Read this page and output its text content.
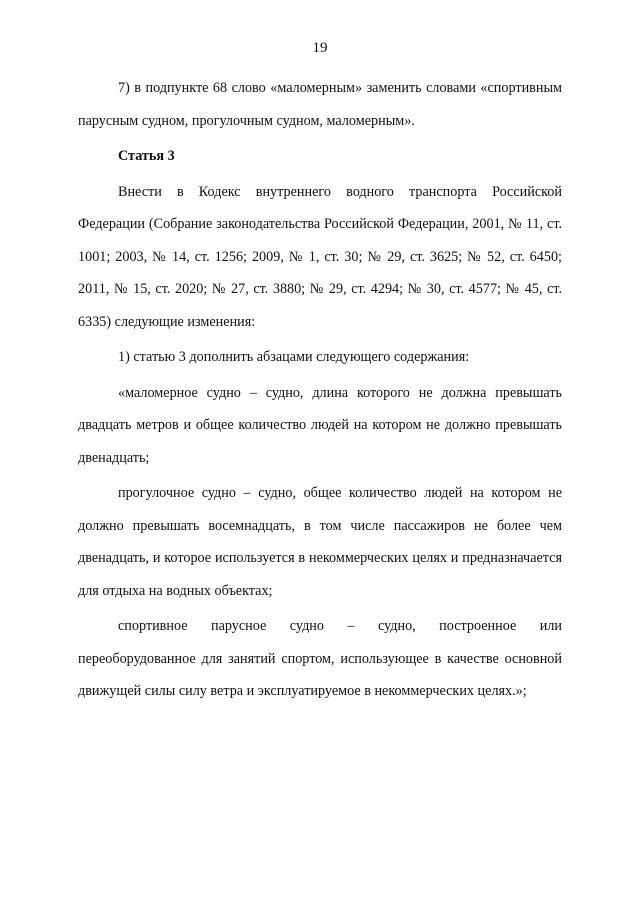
19

7) в подпункте 68 слово «маломерным» заменить словами «спортивным парусным судном, прогулочным судном, маломерным».

Статья 3

Внести в Кодекс внутреннего водного транспорта Российской Федерации (Собрание законодательства Российской Федерации, 2001, № 11, ст. 1001; 2003, № 14, ст. 1256; 2009, № 1, ст. 30; № 29, ст. 3625; № 52, ст. 6450; 2011, № 15, ст. 2020; № 27, ст. 3880; № 29, ст. 4294; № 30, ст. 4577; № 45, ст. 6335) следующие изменения:

1) статью 3 дополнить абзацами следующего содержания:

«маломерное судно – судно, длина которого не должна превышать двадцать метров и общее количество людей на котором не должно превышать двенадцать;

прогулочное судно – судно, общее количество людей на котором не должно превышать восемнадцать, в том числе пассажиров не более чем двенадцать, и которое используется в некоммерческих целях и предназначается для отдыха на водных объектах;

спортивное парусное судно – судно, построенное или переоборудованное для занятий спортом, использующее в качестве основной движущей силы силу ветра и эксплуатируемое в некоммерческих целях.»;
